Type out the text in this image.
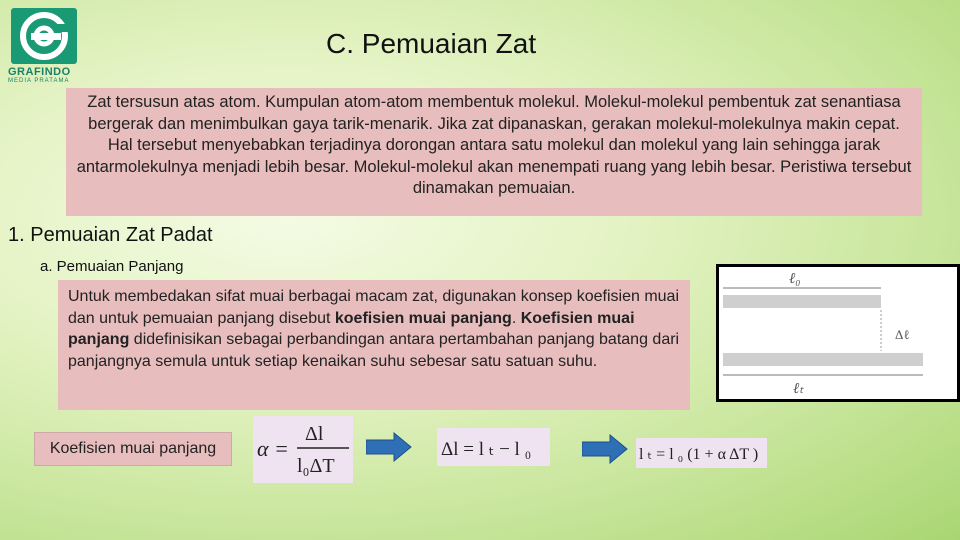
GRAFINDO
MEDIA PRATAMA
C. Pemuaian Zat

Zat tersusun atas atom. Kumpulan atom-atom membentuk molekul. Molekul-molekul pembentuk zat senantiasa bergerak dan menimbulkan gaya tarik-menarik. Jika zat dipanaskan, gerakan molekul-molekulnya makin cepat. Hal tersebut menyebabkan terjadinya dorongan antara satu molekul dan molekul yang lain sehingga jarak antarmolekulnya menjadi lebih besar. Molekul-molekul akan menempati ruang yang lebih besar. Peristiwa tersebut dinamakan pemuaian.

1. Pemuaian Zat Padat
a. Pemuaian Panjang

Untuk membedakan sifat muai berbagai macam zat, digunakan konsep koefisien muai dan untuk pemuaian panjang disebut koefisien muai panjang. Koefisien muai panjang didefinisikan sebagai perbandingan antara pertambahan panjang batang dari panjangnya semula untuk setiap kenaikan suhu sebesar satu satuan suhu.

ℓ₀
Δℓ
ℓₜ
Koefisien muai panjang	α =
Δl
l₀ΔT
Δl = l ₜ − l ₀	l ₜ = l ₀ (1 + α ΔT )
